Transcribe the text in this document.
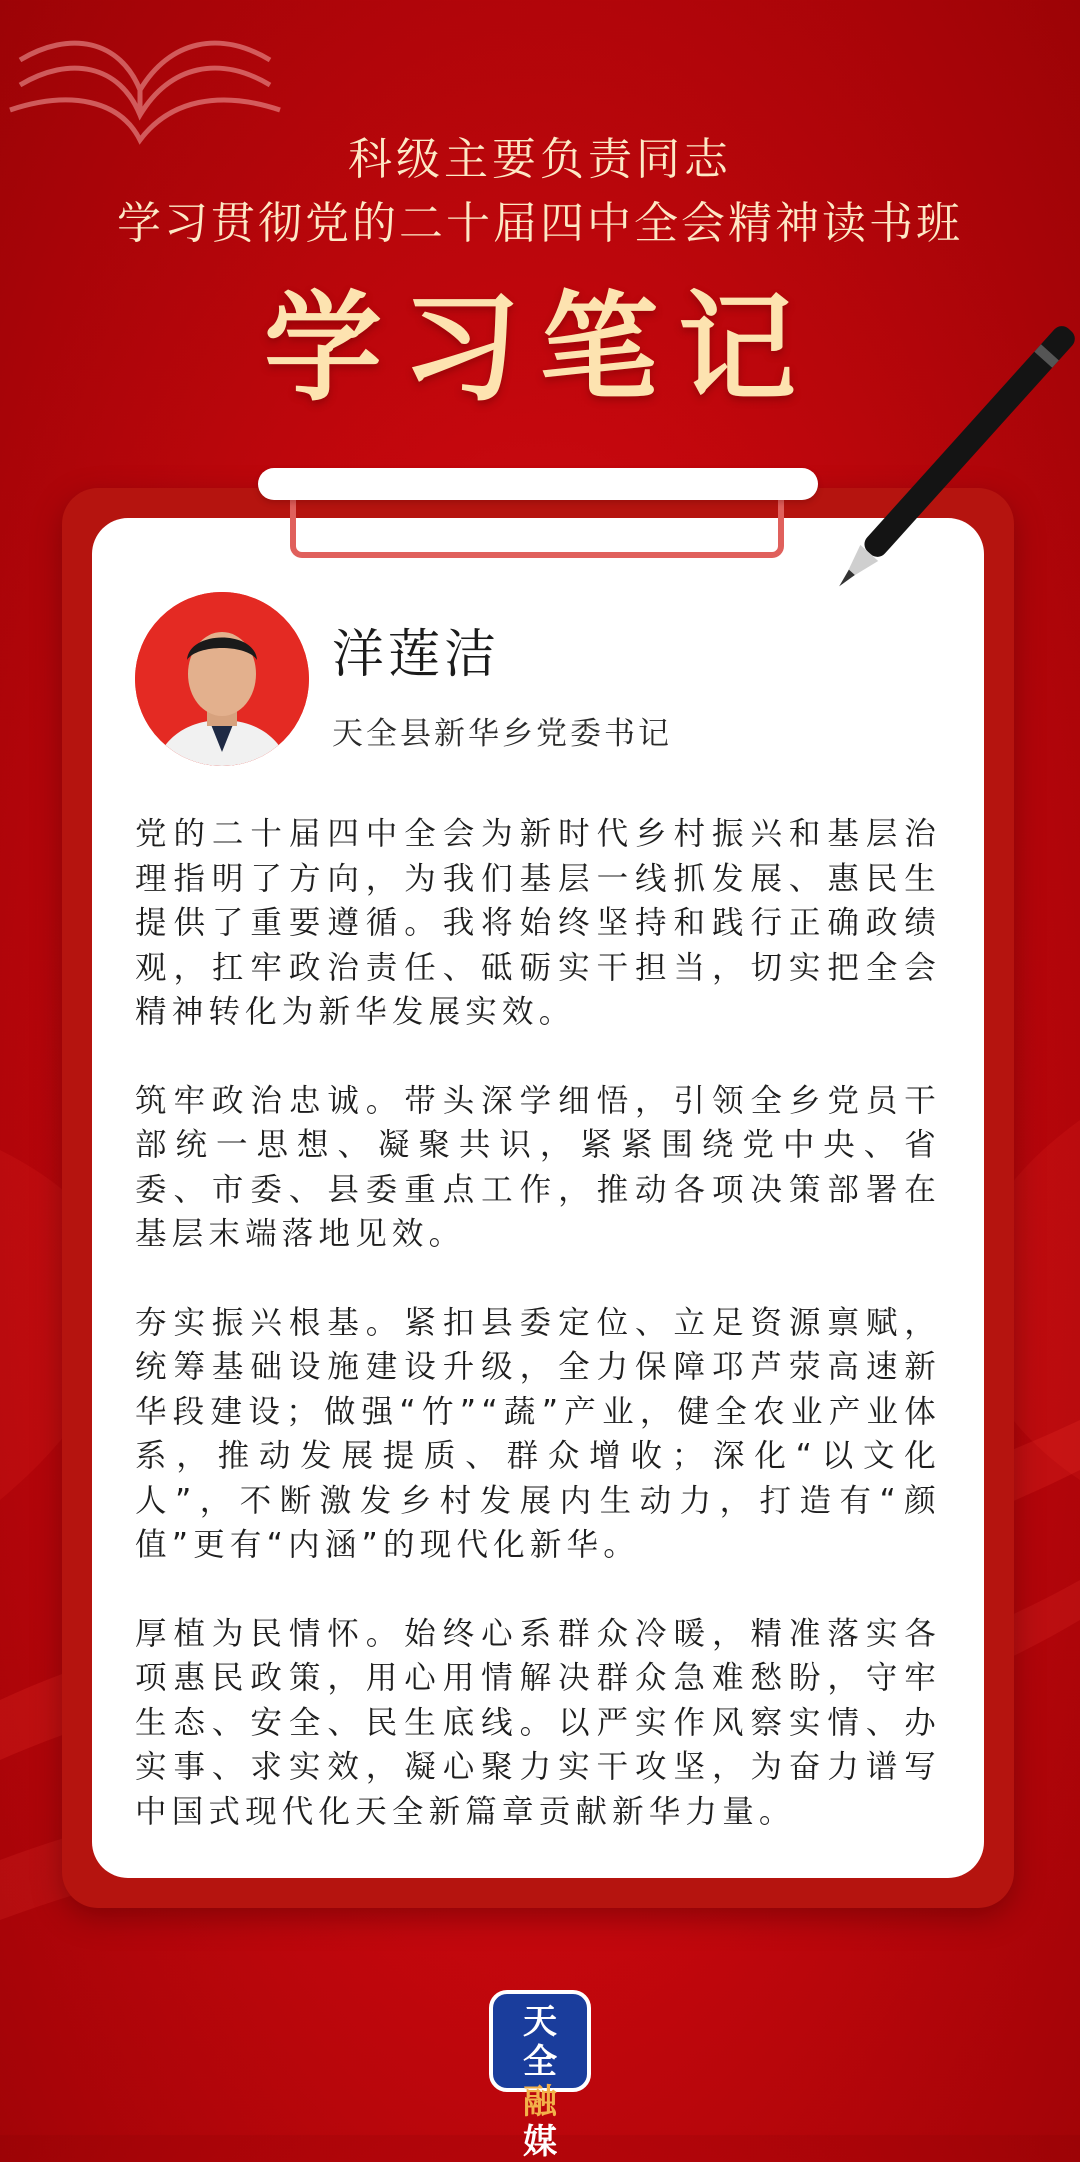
科级主要负责同志
学习贯彻党的二十届四中全会精神读书班
学习笔记
洋莲洁
天全县新华乡党委书记

党的二十届四中全会为新时代乡村振兴和基层治理指明了方向，为我们基层一线抓发展、惠民生提供了重要遵循。我将始终坚持和践行正确政绩观，扛牢政治责任、砥砺实干担当，切实把全会精神转化为新华发展实效。

筑牢政治忠诚。带头深学细悟，引领全乡党员干部统一思想、凝聚共识，紧紧围绕党中央、省委、市委、县委重点工作，推动各项决策部署在基层末端落地见效。

夯实振兴根基。紧扣县委定位、立足资源禀赋，统筹基础设施建设升级，全力保障邛芦荥高速新华段建设；做强“竹”“蔬”产业，健全农业产业体系，推动发展提质、群众增收；深化“以文化人”，不断激发乡村发展内生动力，打造有“颜值”更有“内涵”的现代化新华。

厚植为民情怀。始终心系群众冷暖，精准落实各项惠民政策，用心用情解决群众急难愁盼，守牢生态、安全、民生底线。以严实作风察实情、办实事、求实效，凝心聚力实干攻坚，为奋力谱写中国式现代化天全新篇章贡献新华力量。

天
全
融
媒
